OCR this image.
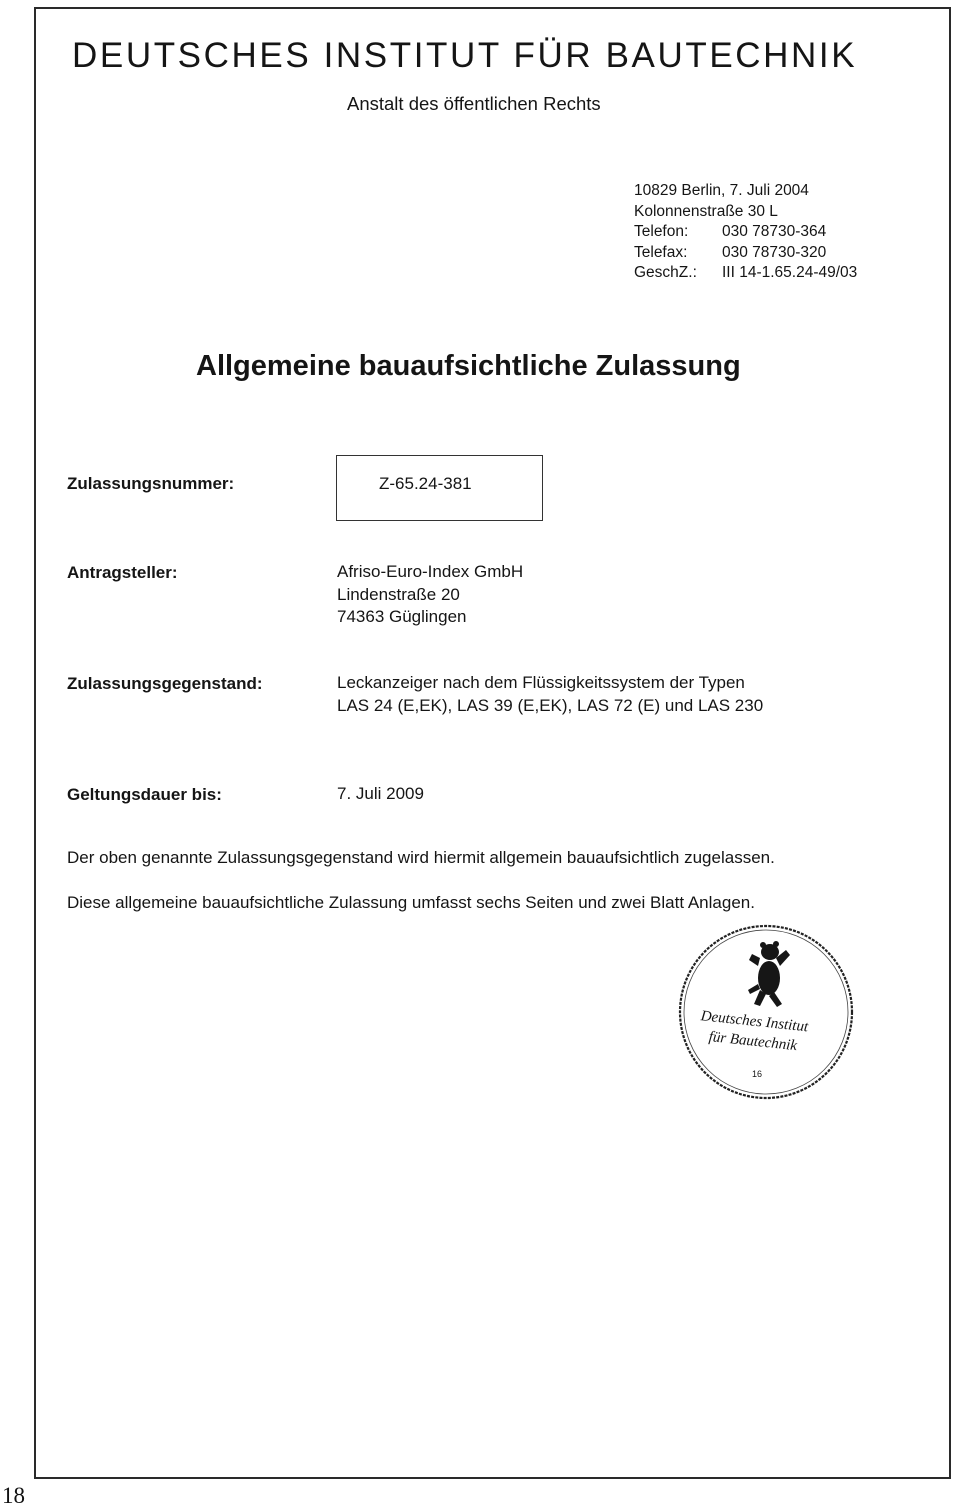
DEUTSCHES INSTITUT FÜR BAUTECHNIK
Anstalt des öffentlichen Rechts
10829 Berlin, 7. Juli 2004
Kolonnenstraße 30 L
Telefon:	030 78730-364
Telefax:	030 78730-320
GeschZ.:	III 14-1.65.24-49/03
Allgemeine bauaufsichtliche Zulassung
Zulassungsnummer:	Z-65.24-381
Antragsteller:	Afriso-Euro-Index GmbH
Lindenstraße 20
74363 Güglingen
Zulassungsgegenstand:	Leckanzeiger nach dem Flüssigkeitssystem der Typen
LAS 24 (E,EK), LAS 39 (E,EK), LAS 72 (E) und LAS 230
Geltungsdauer bis:	7. Juli 2009
Der oben genannte Zulassungsgegenstand wird hiermit allgemein bauaufsichtlich zugelassen.
Diese allgemeine bauaufsichtliche Zulassung umfasst sechs Seiten und zwei Blatt Anlagen.
Deutsches Institut
für Bautechnik
16
18
